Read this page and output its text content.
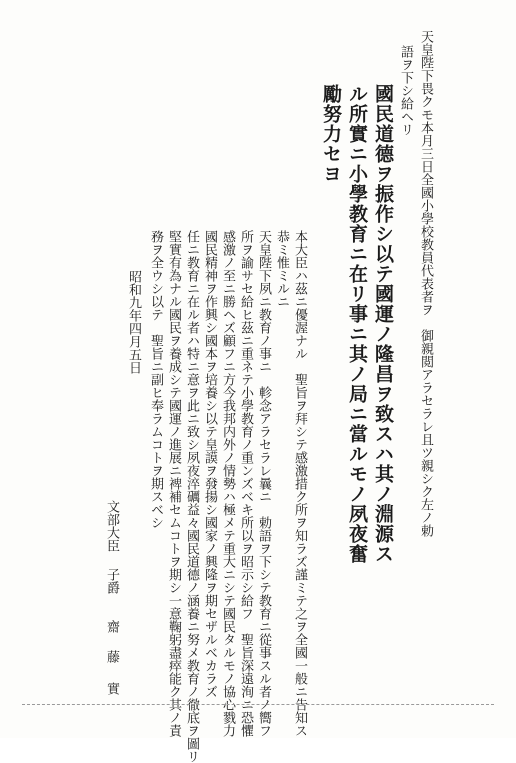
天皇陛下畏クモ本月三日全國小學校教員代表者ヲ　御親閲アラセラレ且ツ親シク左ノ勅
語ヲ下シ給ヘリ
國民道德ヲ振作シ以テ國運ノ隆昌ヲ致スハ其ノ淵源ス
ル所實ニ小學教育ニ在リ事ニ其ノ局ニ當ルモノ夙夜奮
勵努力セヨ
本大臣ハ茲ニ優渥ナル　聖旨ヲ拜シテ感激措ク所ヲ知ラズ謹ミテ之ヲ全國一般ニ告知ス
恭ミ惟ミルニ
天皇陛下夙ニ教育ノ事ニ　軫念アラセラレ曩ニ　勅語ヲ下シテ教育ニ從事スル者ノ嚮フ
所ヲ諭サセ給ヒ茲ニ重ネテ小學教育ノ重ンズベキ所以ヲ昭示シ給フ　聖旨深遠洵ニ恐懼
感激ノ至ニ勝ヘズ顧フニ方今我邦内外ノ情勢ハ極メテ重大ニシテ國民タルモノ協心戮力
國民精神ヲ作興シ國本ヲ培養シ以テ皇謨ヲ發揚シ國家ノ興隆ヲ期セザルベカラズ
任ニ教育ニ在ル者ハ特ニ意ヲ此ニ致シ夙夜淬礪益々國民道德ノ涵養ニ努メ教育ノ徹底ヲ圖リ
堅實有為ナル國民ヲ養成シテ國運ノ進展ニ裨補セムコトヲ期シ一意鞠躬盡瘁能ク其ノ責
務ヲ全ウシ以テ　聖旨ニ副ヒ奉ラムコトヲ期スベシ
昭和九年四月五日
文部大臣
子爵
齋
藤
實
